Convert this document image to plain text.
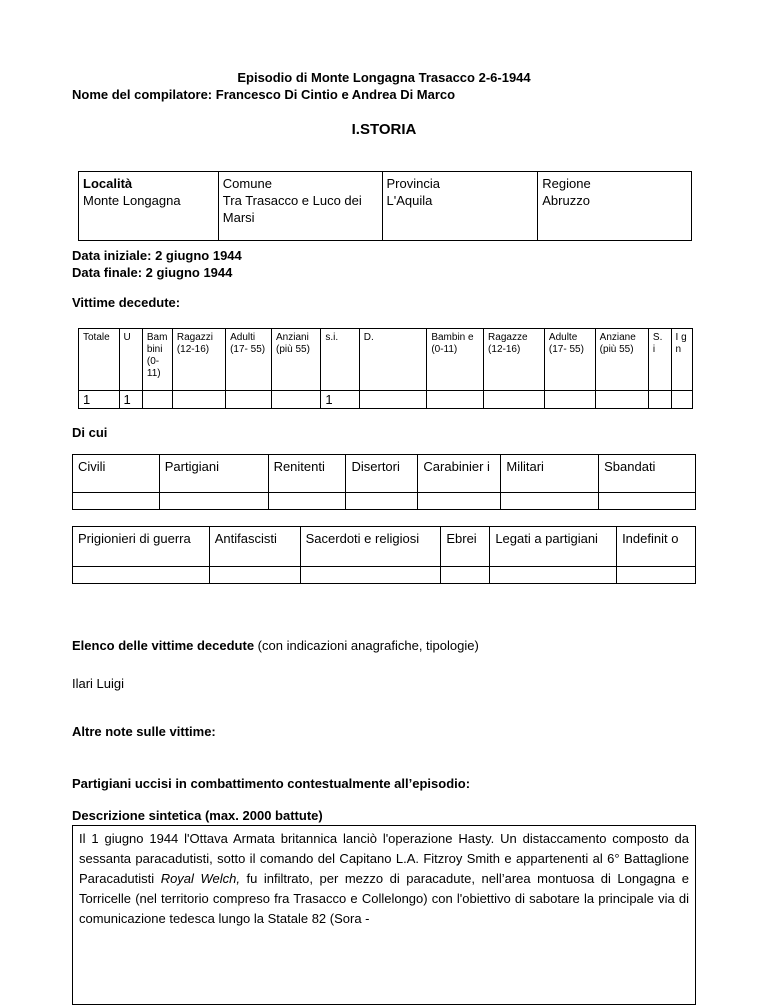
Episodio di Monte Longagna Trasacco 2-6-1944
Nome del compilatore: Francesco Di Cintio e Andrea Di Marco
I.STORIA
Località
Monte Longagna

Comune
Tra Trasacco e Luco dei Marsi

Provincia
L'Aquila

Regione
Abruzzo
Data iniziale: 2 giugno 1944
Data finale: 2 giugno 1944
Vittime decedute:
Totale	U	Bam bini (0- 11)	Ragazzi (12-16)	Adulti (17- 55)	Anziani (più 55)	s.i.	D.	Bambin e (0-11)	Ragazze (12-16)	Adulte (17- 55)	Anziane (più 55)	S. i	I g n
1	1					1							
Di cui
Civili	Partigiani	Renitenti	Disertori	Carabinier i	Militari	Sbandati

Prigionieri di guerra	Antifascisti	Sacerdoti e religiosi	Ebrei	Legati a partigiani	Indefinit o

Elenco delle vittime decedute (con indicazioni anagrafiche, tipologie)
Ilari Luigi
Altre note sulle vittime:
Partigiani uccisi in combattimento contestualmente all’episodio:
Descrizione sintetica (max. 2000 battute)
Il 1 giugno 1944 l'Ottava Armata britannica lanciò l'operazione Hasty. Un distaccamento composto da sessanta paracadutisti, sotto il comando del Capitano L.A. Fitzroy Smith e appartenenti al 6° Battaglione Paracadutisti Royal Welch, fu infiltrato, per mezzo di paracadute, nell’area montuosa di Longagna e Torricelle (nel territorio compreso fra Trasacco e Collelongo) con l'obiettivo di sabotare la principale via di comunicazione tedesca lungo la Statale 82 (Sora -
